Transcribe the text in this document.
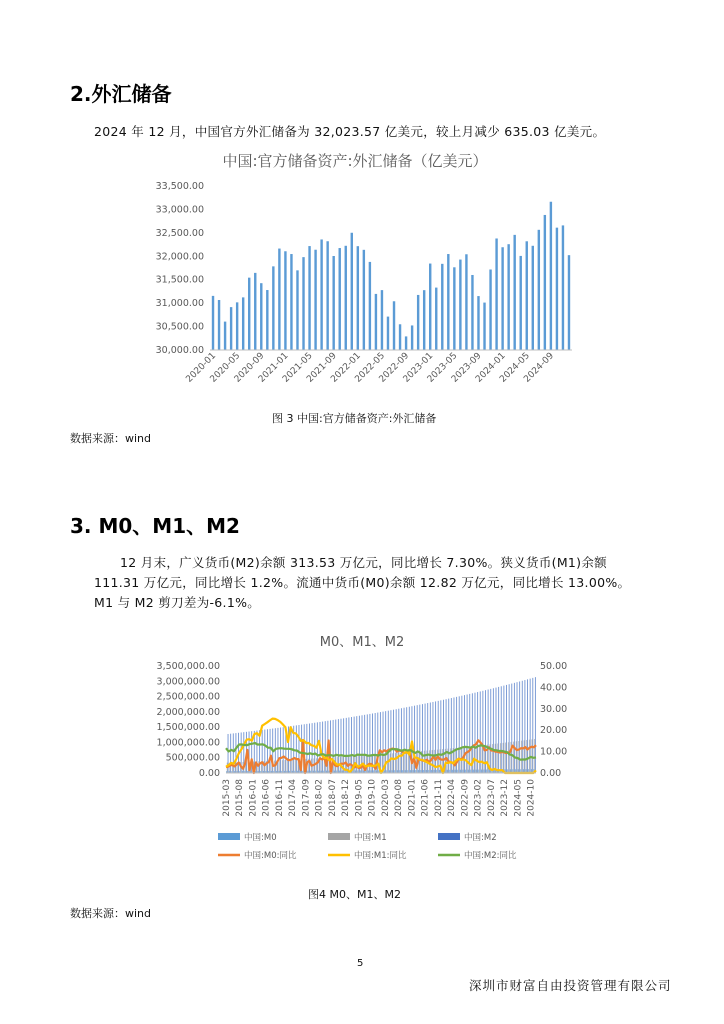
2.外汇储备
2024 年 12 月，中国官方外汇储备为 32,023.57 亿美元，较上月减少 635.03 亿美元。
中国:官方储备资产:外汇储备（亿美元）
30,000.00
30,500.00
31,000.00
31,500.00
32,000.00
32,500.00
33,000.00
33,500.00
2020-01
2020-05
2020-09
2021-01
2021-05
2021-09
2022-01
2022-05
2022-09
2023-01
2023-05
2023-09
2024-01
2024-05
2024-09
图 3 中国:官方储备资产:外汇储备
数据来源：wind
3. M0、M1、M2
12 月末，广义货币(M2)余额 313.53 万亿元，同比增长 7.30%。狭义货币(M1)余额
111.31 万亿元，同比增长 1.2%。流通中货币(M0)余额 12.82 万亿元，同比增长 13.00%。
M1 与 M2 剪刀差为-6.1%。
M0、M1、M2
0.00
500,000.00
1,000,000.00
1,500,000.00
2,000,000.00
2,500,000.00
3,000,000.00
3,500,000.00
0.00
10.00
20.00
30.00
40.00
50.00
2015-03 2015-08 2016-01 2016-06 2016-11 2017-04 2017-09 2018-02 2018-07 2018-12 2019-05 2019-10 2020-03 2020-08 2021-01 2021-06 2021-11 2022-04 2022-09 2023-02 2023-07 2023-12 2024-05 2024-10
中国:M0	中国:M1	中国:M2
中国:M0:同比	中国:M1:同比	中国:M2:同比
图4 M0、M1、M2
数据来源：wind
5
深圳市财富自由投资管理有限公司
